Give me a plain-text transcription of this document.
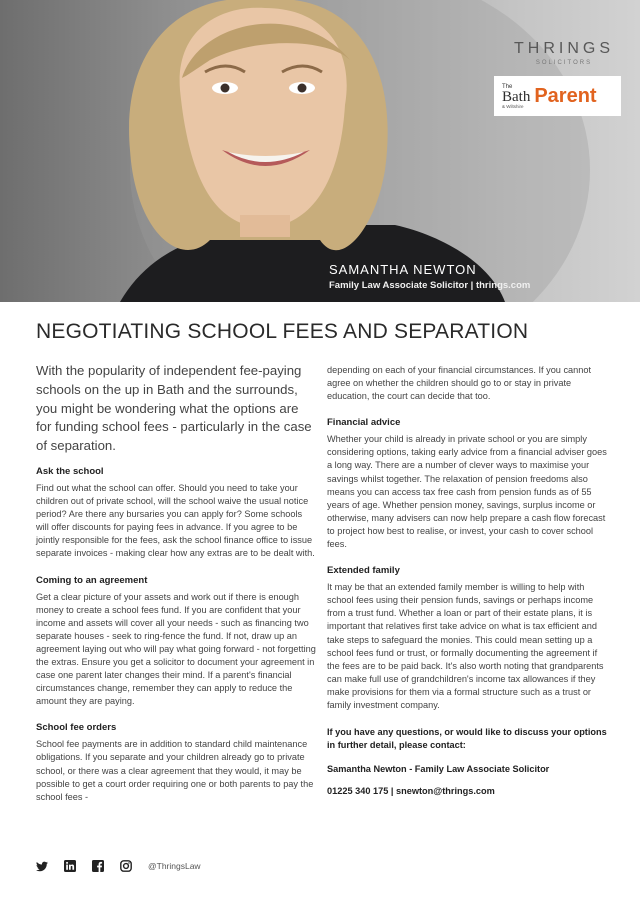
THRINGS
SOLICITORS
The
Bath
& Wiltshire Parent
SAMANTHA NEWTON
Family Law Associate Solicitor | thrings.com
NEGOTIATING SCHOOL FEES AND SEPARATION

With the popularity of independent fee-paying schools on the up in Bath and the surrounds, you might be wondering what the options are for funding school fees - particularly in the case of separation.

Ask the school

Find out what the school can offer. Should you need to take your children out of private school, will the school waive the usual notice period? Are there any bursaries you can apply for? Some schools will offer discounts for paying fees in advance. If you agree to be jointly responsible for the fees, ask the school finance office to issue separate invoices - making clear how any extras are to be dealt with.

Coming to an agreement

Get a clear picture of your assets and work out if there is enough money to create a school fees fund. If you are confident that your income and assets will cover all your needs - such as financing two separate houses - seek to ring-fence the fund. If not, draw up an agreement laying out who will pay what going forward - not forgetting the extras. Ensure you get a solicitor to document your agreement in case one parent later changes their mind. If a parent's financial circumstances change, remember they can apply to reduce the amount they are paying.

School fee orders

School fee payments are in addition to standard child maintenance obligations. If you separate and your children already go to private school, or there was a clear agreement that they would, it may be possible to get a court order requiring one or both parents to pay the school fees -

depending on each of your financial circumstances. If you cannot agree on whether the children should go to or stay in private education, the court can decide that too.

Financial advice

Whether your child is already in private school or you are simply considering options, taking early advice from a financial adviser goes a long way. There are a number of clever ways to maximise your savings whilst together. The relaxation of pension freedoms also means you can access tax free cash from pension funds as of 55 years of age. Whether pension money, savings, surplus income or otherwise, many advisers can now help prepare a cash flow forecast to project how best to realise, or invest, your cash to cover school fees.

Extended family

It may be that an extended family member is willing to help with school fees using their pension funds, savings or perhaps income from a trust fund. Whether a loan or part of their estate plans, it is important that relatives first take advice on what is tax efficient and take steps to safeguard the monies. This could mean setting up a school fees fund or trust, or formally documenting the agreement if the fees are to be paid back. It's also worth noting that grandparents can make full use of grandchildren's income tax allowances if they make provisions for them via a formal structure such as a trust or family investment company.

If you have any questions, or would like to discuss your options in further detail, please contact:
Samantha Newton - Family Law Associate Solicitor
01225 340 175 | snewton@thrings.com
@ThringsLaw
